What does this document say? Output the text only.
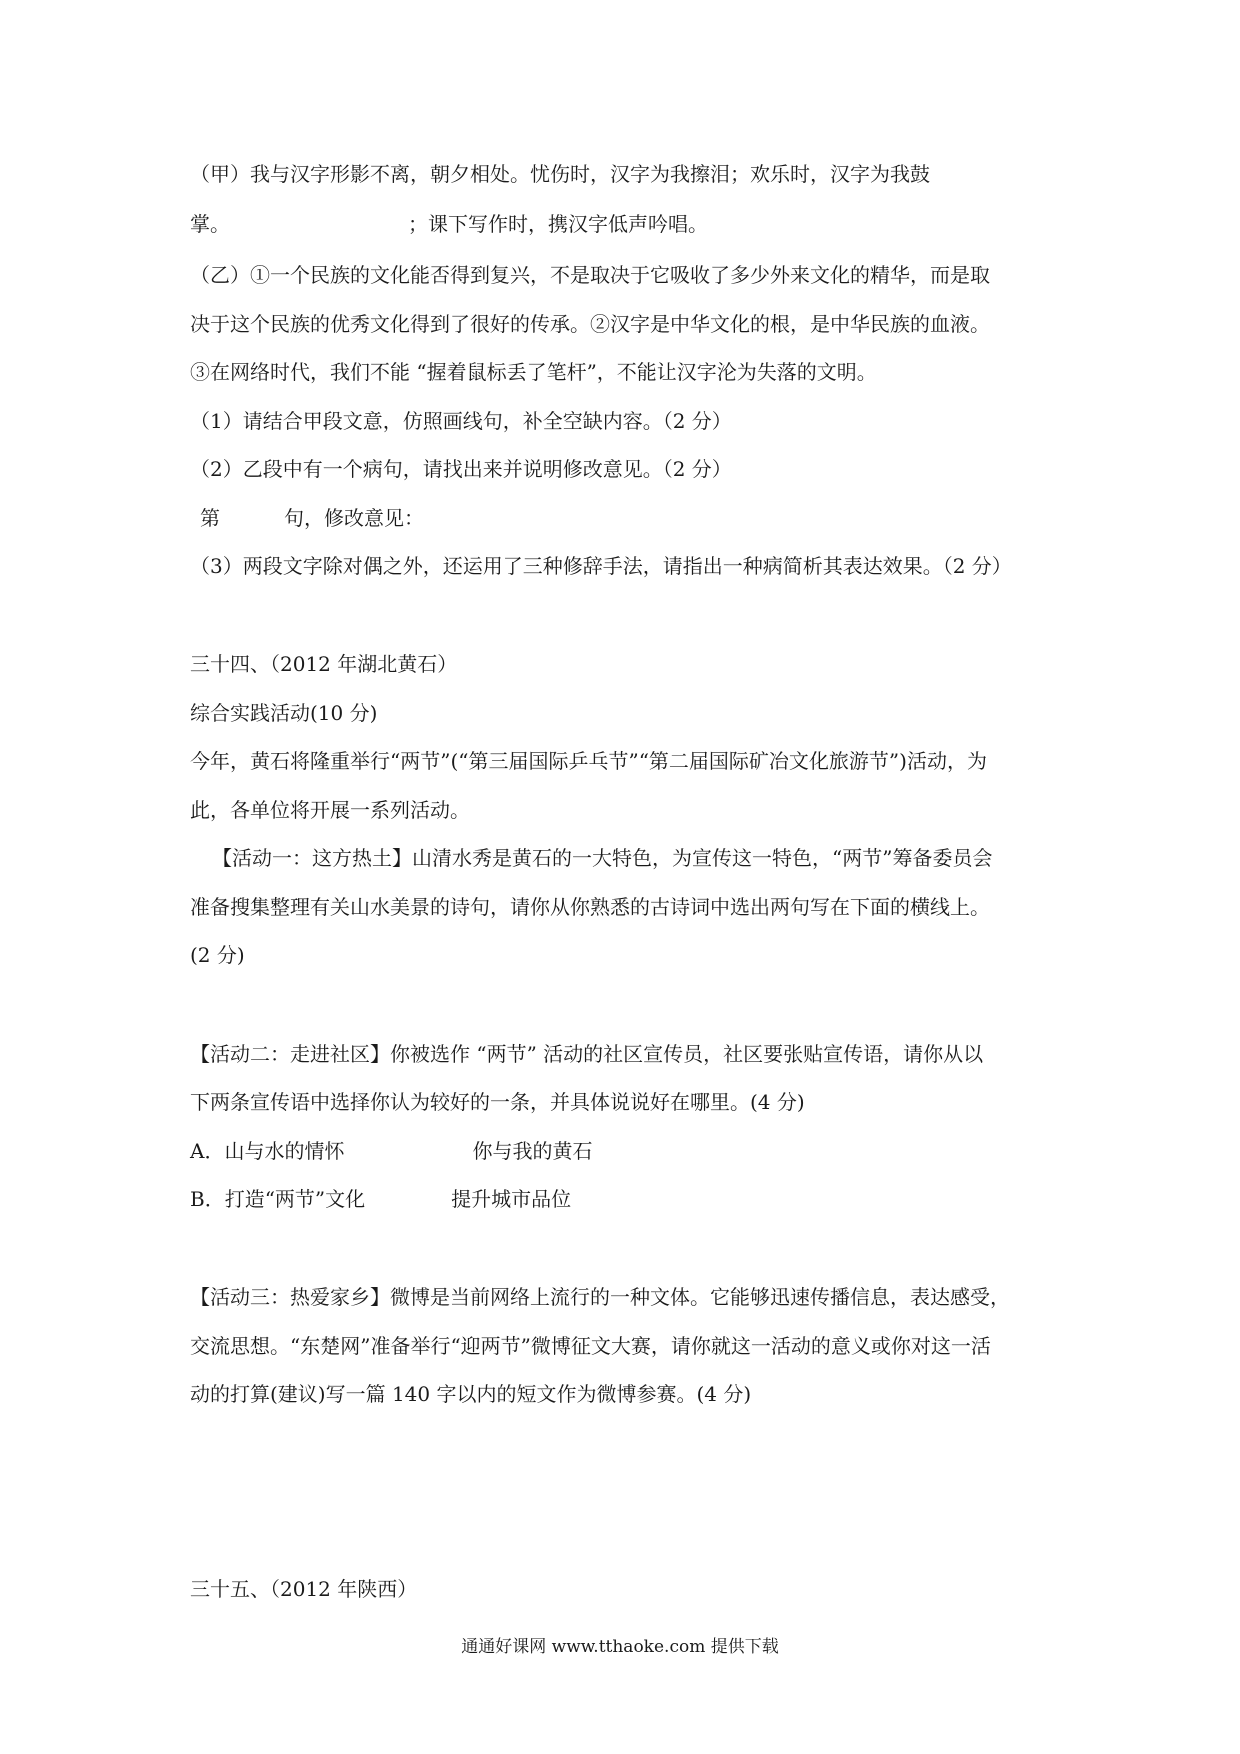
（甲）我与汉字形影不离，朝夕相处。忧伤时，汉字为我擦泪；欢乐时，汉字为我鼓
掌。	；课下写作时，携汉字低声吟唱。
（乙）①一个民族的文化能否得到复兴，不是取决于它吸收了多少外来文化的精华，而是取
决于这个民族的优秀文化得到了很好的传承。②汉字是中华文化的根，是中华民族的血液。
③在网络时代，我们不能 “握着鼠标丢了笔杆”，不能让汉字沦为失落的文明。
（1）请结合甲段文意，仿照画线句，补全空缺内容。（2 分）
（2）乙段中有一个病句，请找出来并说明修改意见。（2 分）
第	句，修改意见：
（3）两段文字除对偶之外，还运用了三种修辞手法，请指出一种病简析其表达效果。（2 分）
三十四、（2012 年湖北黄石）
综合实践活动(10 分)
今年，黄石将隆重举行“两节”(“第三届国际乒乓节”“第二届国际矿冶文化旅游节”)活动，为
此，各单位将开展一系列活动。
【活动一：这方热土】山清水秀是黄石的一大特色，为宣传这一特色，“两节”筹备委员会
准备搜集整理有关山水美景的诗句，请你从你熟悉的古诗词中选出两句写在下面的横线上。
(2 分)
【活动二：走进社区】你被选作 “两节” 活动的社区宣传员，社区要张贴宣传语，请你从以
下两条宣传语中选择你认为较好的一条，并具体说说好在哪里。(4 分)
A．山与水的情怀	你与我的黄石
B．打造“两节”文化	提升城市品位
【活动三：热爱家乡】微博是当前网络上流行的一种文体。它能够迅速传播信息，表达感受，
交流思想。“东楚网”准备举行“迎两节”微博征文大赛，请你就这一活动的意义或你对这一活
动的打算(建议)写一篇 140 字以内的短文作为微博参赛。(4 分)
三十五、（2012 年陕西）
通通好课网 www.tthaoke.com 提供下载
